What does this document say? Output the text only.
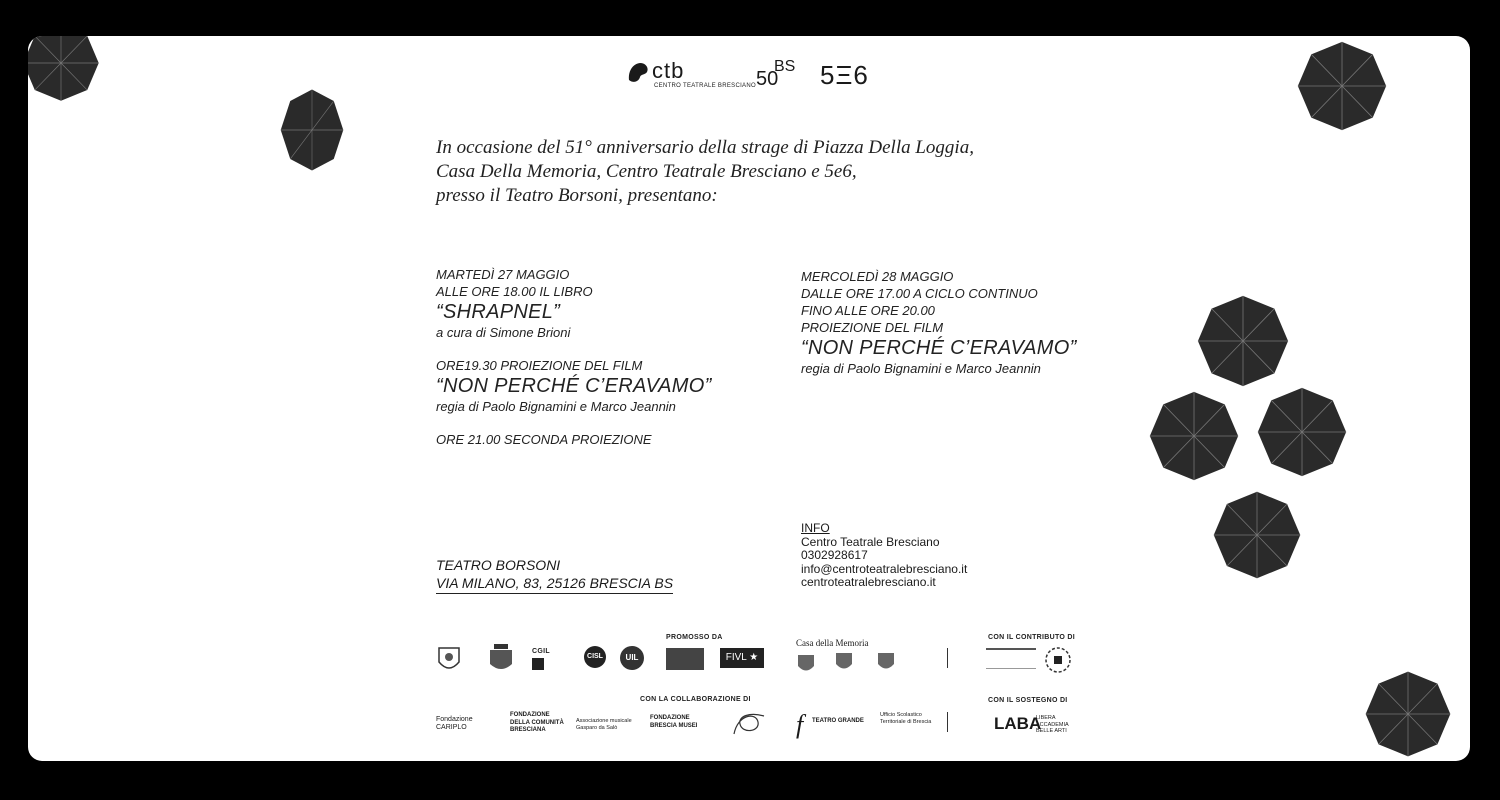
ctb
CENTRO TEATRALE BRESCIANO 50
BS 5Ξ6
In occasione del 51° anniversario della strage di Piazza Della Loggia,
Casa Della Memoria, Centro Teatrale Bresciano e 5e6,
presso il Teatro Borsoni, presentano:
MARTEDÌ 27 MAGGIO
ALLE ORE 18.00 IL LIBRO
“SHRAPNEL”
a cura di Simone Brioni
ORE19.30 PROIEZIONE DEL FILM
“NON PERCHÉ C’ERAVAMO”
regia di Paolo Bignamini e Marco Jeannin
ORE 21.00 SECONDA PROIEZIONE
MERCOLEDÌ 28 MAGGIO
DALLE ORE 17.00 A CICLO CONTINUO
FINO ALLE ORE 20.00
PROIEZIONE DEL FILM
“NON PERCHÉ C’ERAVAMO”
regia di Paolo Bignamini e Marco Jeannin
TEATRO BORSONI
VIA MILANO, 83, 25126 BRESCIA BS
INFO
Centro Teatrale Bresciano
0302928617
info@centroteatralebresciano.it
centroteatralebresciano.it
PROMOSSO DA	CON IL CONTRIBUTO DI
CGIL
CISL	UIL	FIVL ★
Casa della Memoria
CON LA COLLABORAZIONE DI	CON IL SOSTEGNO DI
Fondazione CARIPLO
FONDAZIONE DELLA COMUNITÀ BRESCIANA
Associazione musicale Gasparo da Salò
FONDAZIONE BRESCIA MUSEI	f TEATRO GRANDE
Ufficio Scolastico Territoriale di Brescia	LABA
LIBERA ACCADEMIA BELLE ARTI
